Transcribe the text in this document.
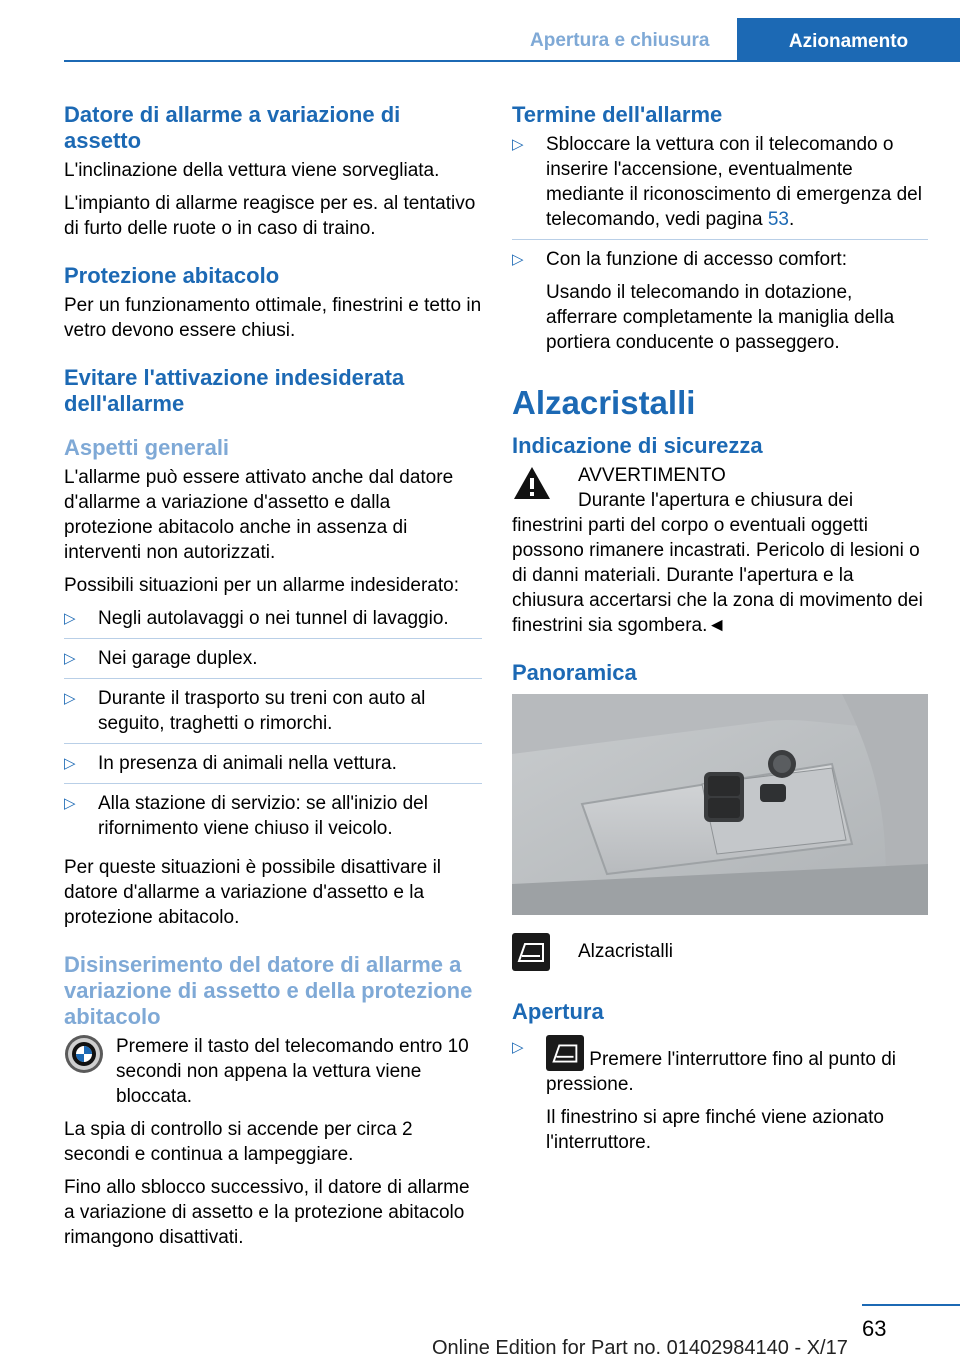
Apertura e chiusura	Azionamento
Datore di allarme a variazione di assetto

L'inclinazione della vettura viene sorvegliata.

L'impianto di allarme reagisce per es. al tentativo di furto delle ruote o in caso di traino.

Protezione abitacolo

Per un funzionamento ottimale, finestrini e tetto in vetro devono essere chiusi.

Evitare l'attivazione indesiderata dell'allarme
Aspetti generali

L'allarme può essere attivato anche dal datore d'allarme a variazione d'assetto e dalla protezione abitacolo anche in assenza di interventi non autorizzati.

Possibili situazioni per un allarme indesiderato:

▷ Negli autolavaggi o nei tunnel di lavaggio.
▷ Nei garage duplex.
▷ Durante il trasporto su treni con auto al seguito, traghetti o rimorchi.
▷ In presenza di animali nella vettura.
▷ Alla stazione di servizio: se all'inizio del rifornimento viene chiuso il veicolo.

Per queste situazioni è possibile disattivare il datore d'allarme a variazione d'assetto e la protezione abitacolo.

Disinserimento del datore di allarme a variazione di assetto e della protezione abitacolo
Premere il tasto del telecomando entro 10 secondi non appena la vettura viene bloccata.

La spia di controllo si accende per circa 2 secondi e continua a lampeggiare.

Fino allo sblocco successivo, il datore di allarme a variazione di assetto e la protezione abitacolo rimangono disattivati.

Termine dell'allarme
▷ Sbloccare la vettura con il telecomando o inserire l'accensione, eventualmente mediante il riconoscimento di emergenza del telecomando, vedi pagina 53.
▷ Con la funzione di accesso comfort:
Usando il telecomando in dotazione, afferrare completamente la maniglia della portiera conducente o passeggero.
Alzacristalli
Indicazione di sicurezza
AVVERTIMENTO

Durante l'apertura e chiusura dei finestrini parti del corpo o eventuali oggetti possono rimanere incastrati. Pericolo di lesioni o di danni materiali. Durante l'apertura e la chiusura accertarsi che la zona di movimento dei finestrini sia sgombera.◄

Panoramica
Alzacristalli
Apertura
▷
Premere l'interruttore fino al punto di pressione.
Il finestrino si apre finché viene azionato l'interruttore.
63
Online Edition for Part no. 01402984140 - X/17
